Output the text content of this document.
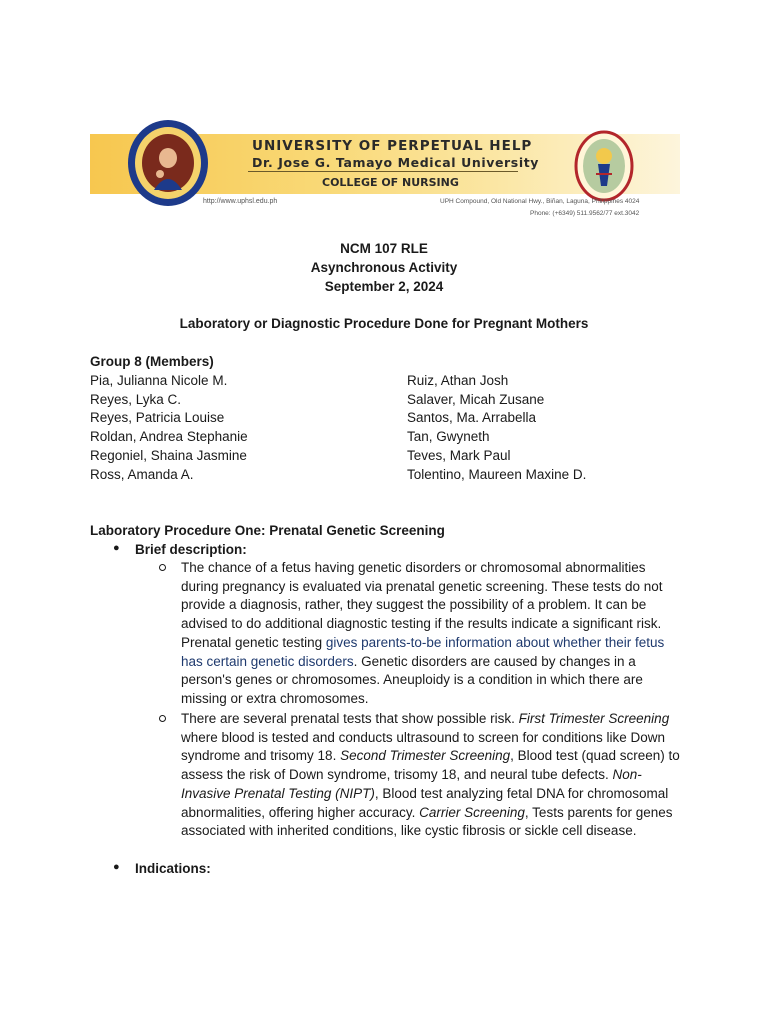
UNIVERSITY OF PERPETUAL HELP
Dr. Jose G. Tamayo Medical University
COLLEGE OF NURSING
http://www.uphsl.edu.ph	UPH Compound, Old National Hwy., Biñan, Laguna, Philippines 4024
Phone: (+6349) 511.9562/77 ext.3042
NCM 107 RLE
Asynchronous Activity
September 2, 2024
Laboratory or Diagnostic Procedure Done for Pregnant Mothers
Group 8 (Members)
Pia, Julianna Nicole M.
Reyes, Lyka C.
Reyes, Patricia Louise
Roldan, Andrea Stephanie
Regoniel, Shaina Jasmine
Ross, Amanda A.
Ruiz, Athan Josh
Salaver, Micah Zusane
Santos, Ma. Arrabella
Tan, Gwyneth
Teves, Mark Paul
Tolentino, Maureen Maxine D.
Laboratory Procedure One: Prenatal Genetic Screening
● Brief description:
The chance of a fetus having genetic disorders or chromosomal abnormalities during pregnancy is evaluated via prenatal genetic screening. These tests do not provide a diagnosis, rather, they suggest the possibility of a problem. It can be advised to do additional diagnostic testing if the results indicate a significant risk. Prenatal genetic testing gives parents-to-be information about whether their fetus has certain genetic disorders. Genetic disorders are caused by changes in a person's genes or chromosomes. Aneuploidy is a condition in which there are missing or extra chromosomes.
There are several prenatal tests that show possible risk. First Trimester Screening where blood is tested and conducts ultrasound to screen for conditions like Down syndrome and trisomy 18. Second Trimester Screening, Blood test (quad screen) to assess the risk of Down syndrome, trisomy 18, and neural tube defects. Non-Invasive Prenatal Testing (NIPT), Blood test analyzing fetal DNA for chromosomal abnormalities, offering higher accuracy. Carrier Screening, Tests parents for genes associated with inherited conditions, like cystic fibrosis or sickle cell disease.
● Indications:
